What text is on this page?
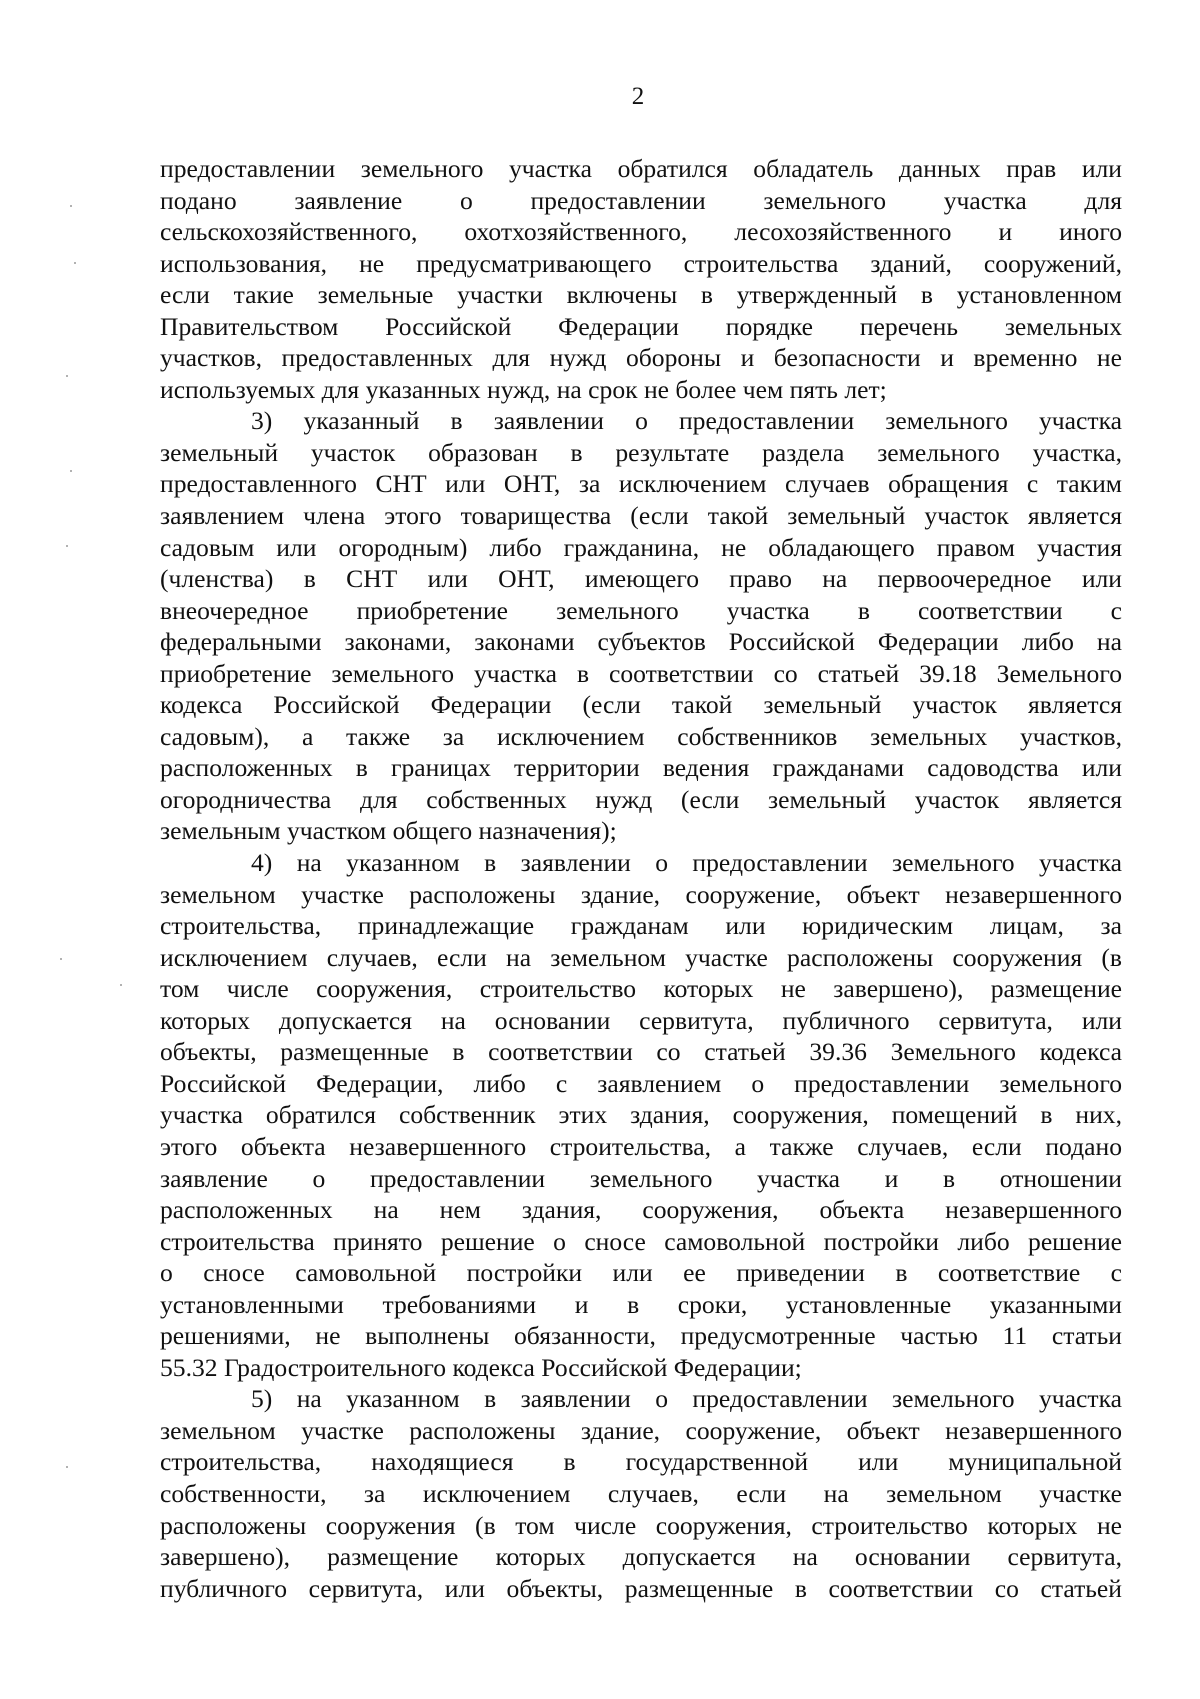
2
предоставлении земельного участка обратился обладатель данных прав или
подано заявление о предоставлении земельного участка для
сельскохозяйственного, охотхозяйственного, лесохозяйственного и иного
использования, не предусматривающего строительства зданий, сооружений,
если такие земельные участки включены в утвержденный в установленном
Правительством Российской Федерации порядке перечень земельных
участков, предоставленных для нужд обороны и безопасности и временно не
используемых для указанных нужд, на срок не более чем пять лет;
3) указанный в заявлении о предоставлении земельного участка
земельный участок образован в результате раздела земельного участка,
предоставленного СНТ или ОНТ, за исключением случаев обращения с таким
заявлением члена этого товарищества (если такой земельный участок является
садовым или огородным) либо гражданина, не обладающего правом участия
(членства) в СНТ или ОНТ, имеющего право на первоочередное или
внеочередное приобретение земельного участка в соответствии с
федеральными законами, законами субъектов Российской Федерации либо на
приобретение земельного участка в соответствии со статьей 39.18 Земельного
кодекса Российской Федерации (если такой земельный участок является
садовым), а также за исключением собственников земельных участков,
расположенных в границах территории ведения гражданами садоводства или
огородничества для собственных нужд (если земельный участок является
земельным участком общего назначения);
4) на указанном в заявлении о предоставлении земельного участка
земельном участке расположены здание, сооружение, объект незавершенного
строительства, принадлежащие гражданам или юридическим лицам, за
исключением случаев, если на земельном участке расположены сооружения (в
том числе сооружения, строительство которых не завершено), размещение
которых допускается на основании сервитута, публичного сервитута, или
объекты, размещенные в соответствии со статьей 39.36 Земельного кодекса
Российской Федерации, либо с заявлением о предоставлении земельного
участка обратился собственник этих здания, сооружения, помещений в них,
этого объекта незавершенного строительства, а также случаев, если подано
заявление о предоставлении земельного участка и в отношении
расположенных на нем здания, сооружения, объекта незавершенного
строительства принято решение о сносе самовольной постройки либо решение
о сносе самовольной постройки или ее приведении в соответствие с
установленными требованиями и в сроки, установленные указанными
решениями, не выполнены обязанности, предусмотренные частью 11 статьи
55.32 Градостроительного кодекса Российской Федерации;
5) на указанном в заявлении о предоставлении земельного участка
земельном участке расположены здание, сооружение, объект незавершенного
строительства, находящиеся в государственной или муниципальной
собственности, за исключением случаев, если на земельном участке
расположены сооружения (в том числе сооружения, строительство которых не
завершено), размещение которых допускается на основании сервитута,
публичного сервитута, или объекты, размещенные в соответствии со статьей
